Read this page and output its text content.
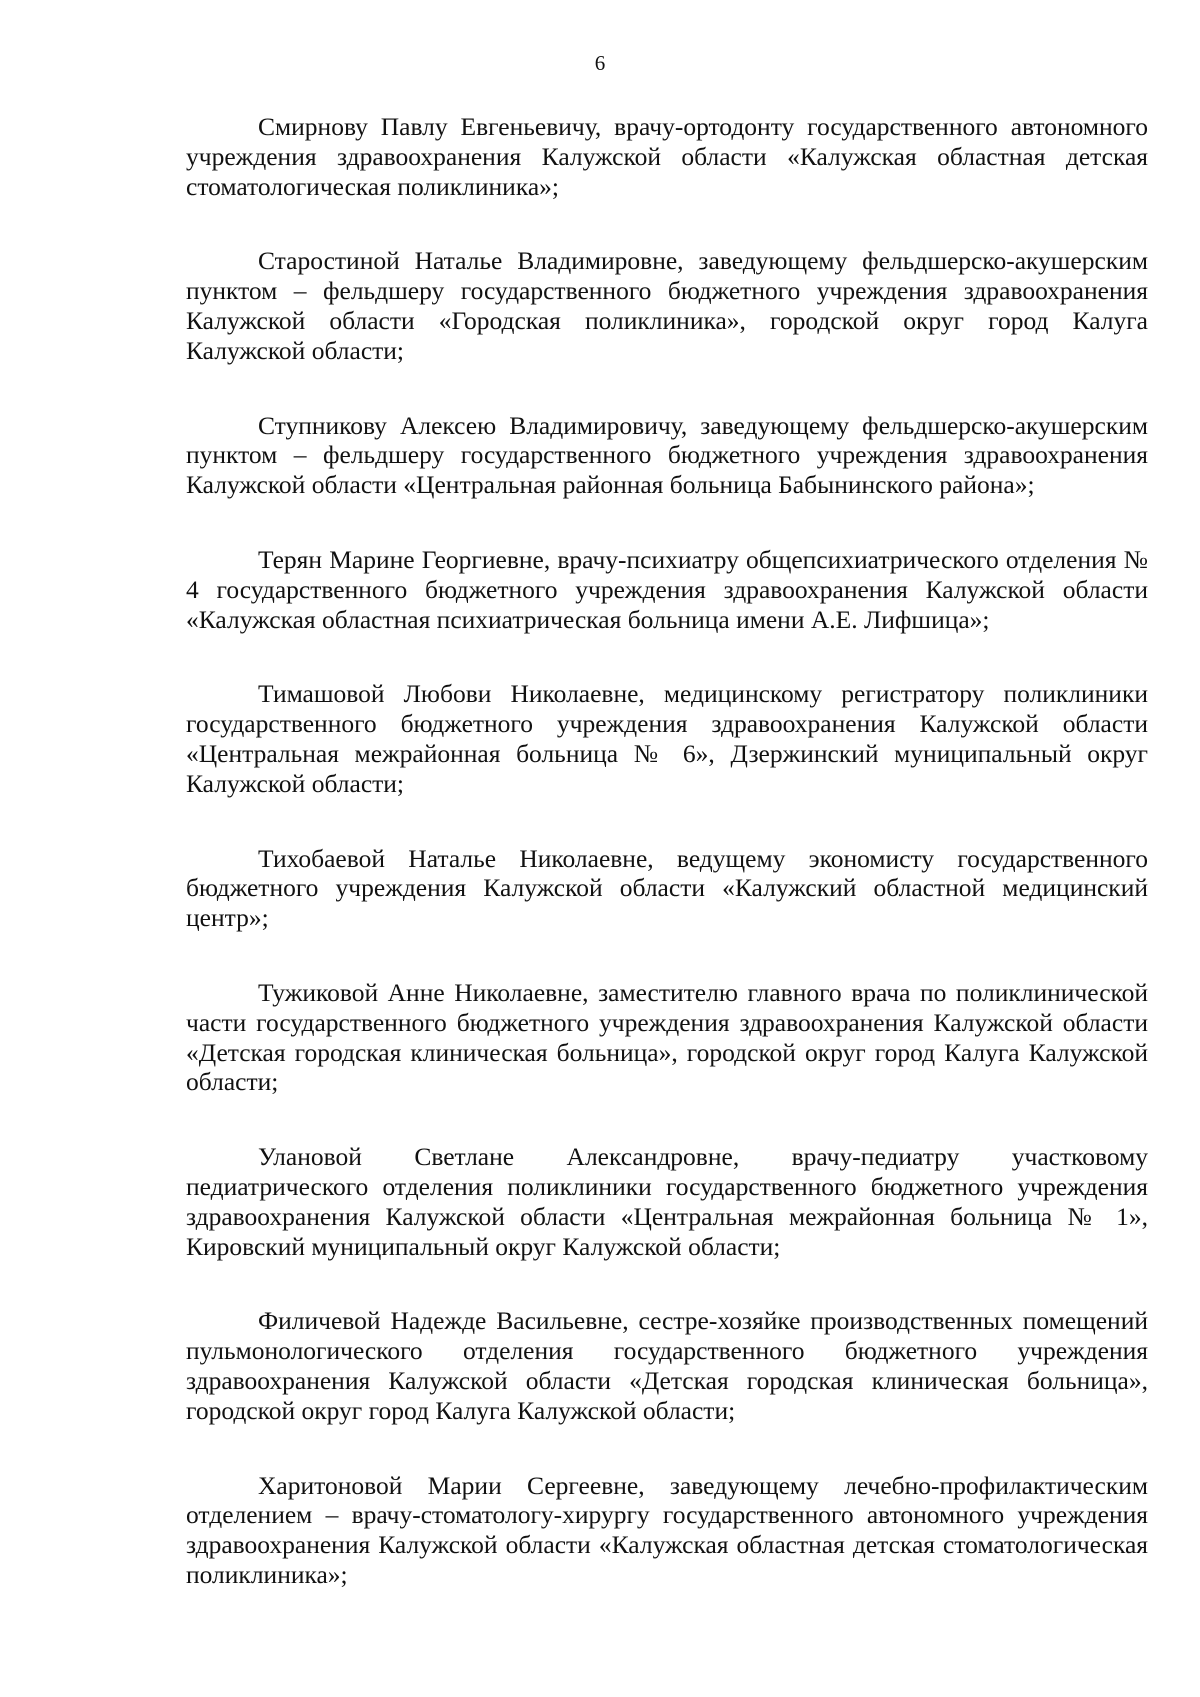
6

Смирнову Павлу Евгеньевичу, врачу-ортодонту государственного автономного учреждения здравоохранения Калужской области «Калужская областная детская стоматологическая поликлиника»;

Старостиной Наталье Владимировне, заведующему фельдшерско-акушерским пунктом – фельдшеру государственного бюджетного учреждения здравоохранения Калужской области «Городская поликлиника», городской округ город Калуга Калужской области;

Ступникову Алексею Владимировичу, заведующему фельдшерско-акушерским пунктом – фельдшеру государственного бюджетного учреждения здравоохранения Калужской области «Центральная районная больница Бабынинского района»;

Терян Марине Георгиевне, врачу-психиатру общепсихиатрического отделения № 4 государственного бюджетного учреждения здравоохранения Калужской области «Калужская областная психиатрическая больница имени А.Е. Лифшица»;

Тимашовой Любови Николаевне, медицинскому регистратору поликлиники государственного бюджетного учреждения здравоохранения Калужской области «Центральная межрайонная больница № 6», Дзержинский муниципальный округ Калужской области;

Тихобаевой Наталье Николаевне, ведущему экономисту государственного бюджетного учреждения Калужской области «Калужский областной медицинский центр»;

Тужиковой Анне Николаевне, заместителю главного врача по поликлинической части государственного бюджетного учреждения здравоохранения Калужской области «Детская городская клиническая больница», городской округ город Калуга Калужской области;

Улановой Светлане Александровне, врачу-педиатру участковому педиатрического отделения поликлиники государственного бюджетного учреждения здравоохранения Калужской области «Центральная межрайонная больница № 1», Кировский муниципальный округ Калужской области;

Филичевой Надежде Васильевне, сестре-хозяйке производственных помещений пульмонологического отделения государственного бюджетного учреждения здравоохранения Калужской области «Детская городская клиническая больница», городской округ город Калуга Калужской области;

Харитоновой Марии Сергеевне, заведующему лечебно-профилактическим отделением – врачу-стоматологу-хирургу государственного автономного учреждения здравоохранения Калужской области «Калужская областная детская стоматологическая поликлиника»;
